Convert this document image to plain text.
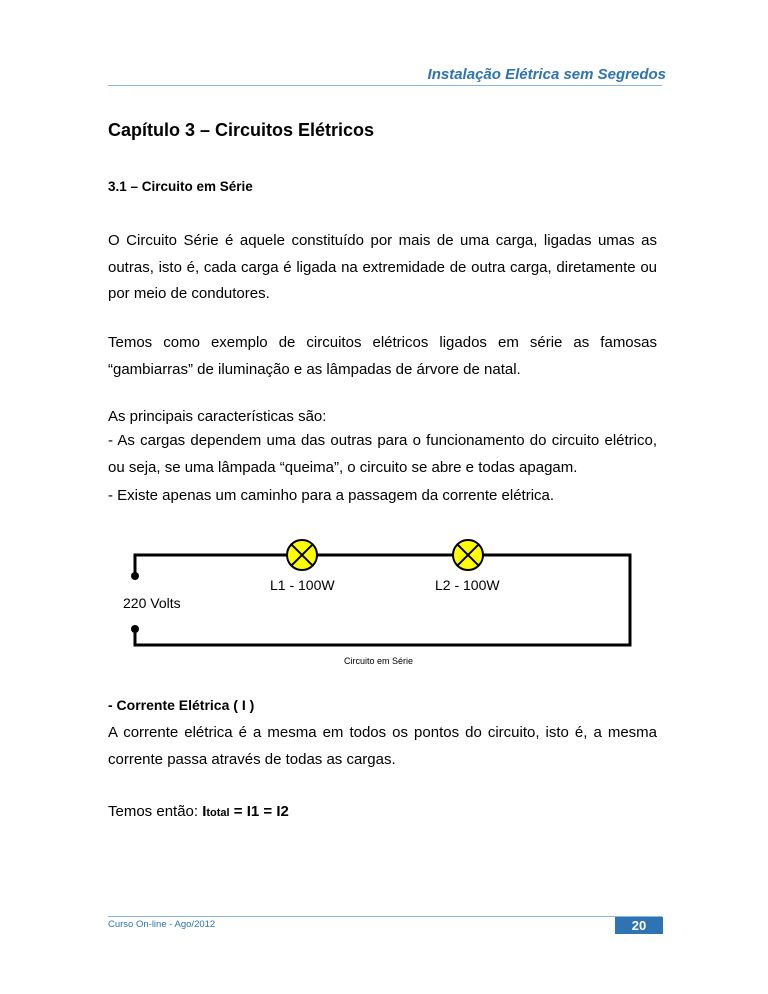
Instalação Elétrica sem Segredos
Capítulo 3 – Circuitos Elétricos
3.1 – Circuito em Série
O Circuito Série é aquele constituído por mais de uma carga, ligadas umas as outras, isto é, cada carga é ligada na extremidade de outra carga, diretamente ou por meio de condutores.
Temos como exemplo de circuitos elétricos ligados em série as famosas “gambiarras” de iluminação e as lâmpadas de árvore de natal.
As principais características são:
- As cargas dependem uma das outras para o funcionamento do circuito elétrico, ou seja, se uma lâmpada “queima”, o circuito se abre e todas apagam.
- Existe apenas um caminho para a passagem da corrente elétrica.
L1 - 100W	L2 - 100W
220 Volts
Circuito em Série
- Corrente Elétrica ( I )
A corrente elétrica é a mesma em todos os pontos do circuito, isto é, a mesma corrente passa através de todas as cargas.
Temos então: Itotal = I1 = I2
Curso On-line - Ago/2012	20
